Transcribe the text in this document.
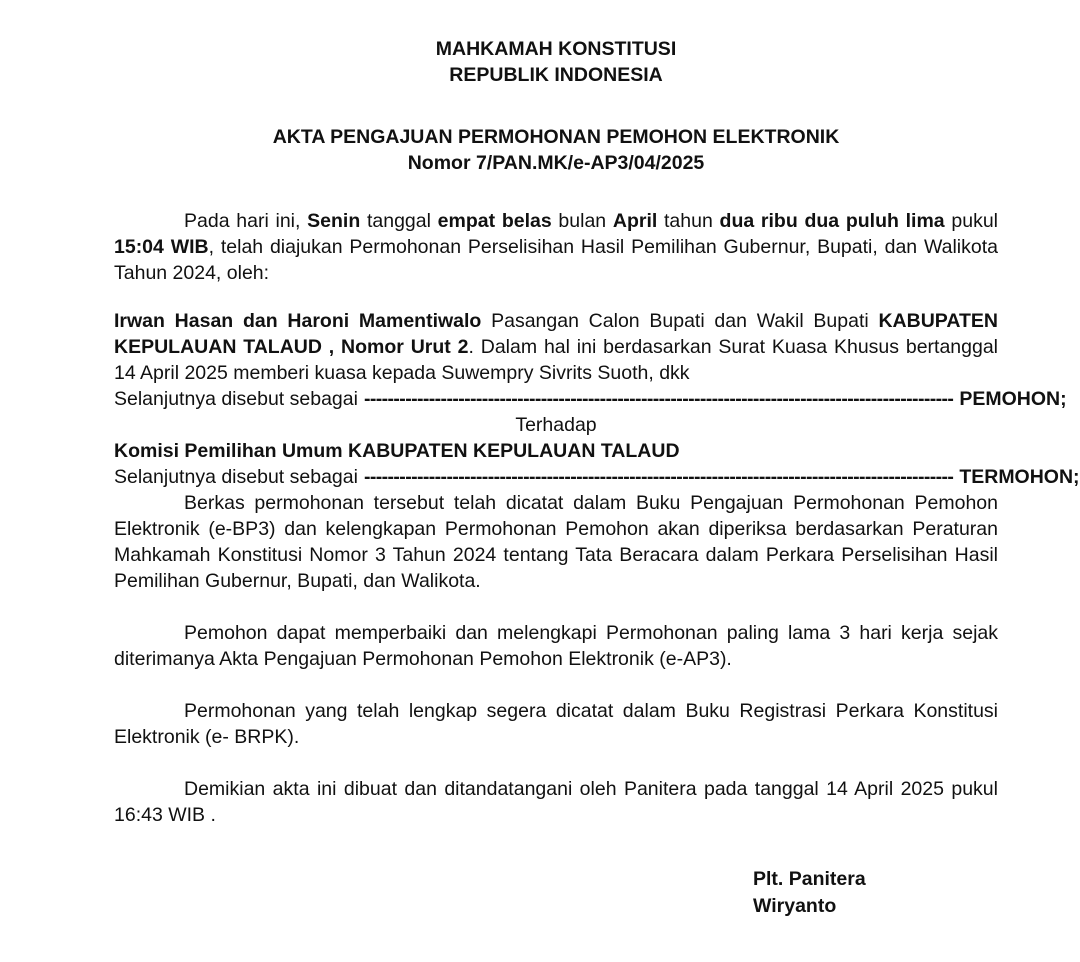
MAHKAMAH KONSTITUSI
REPUBLIK INDONESIA
AKTA PENGAJUAN PERMOHONAN PEMOHON ELEKTRONIK
Nomor 7/PAN.MK/e-AP3/04/2025
Pada hari ini, Senin tanggal empat belas bulan April tahun dua ribu dua puluh lima pukul 15:04 WIB, telah diajukan Permohonan Perselisihan Hasil Pemilihan Gubernur, Bupati, dan Walikota Tahun 2024, oleh:
Irwan Hasan dan Haroni Mamentiwalo Pasangan Calon Bupati dan Wakil Bupati KABUPATEN KEPULAUAN TALAUD , Nomor Urut 2. Dalam hal ini berdasarkan Surat Kuasa Khusus bertanggal 14 April 2025 memberi kuasa kepada Suwempry Sivrits Suoth, dkk
Selanjutnya disebut sebagai ---------------------------------------------------------------------------------------------------- PEMOHON;
Terhadap
Komisi Pemilihan Umum KABUPATEN KEPULAUAN TALAUD
Selanjutnya disebut sebagai ---------------------------------------------------------------------------------------------------- TERMOHON;
Berkas permohonan tersebut telah dicatat dalam Buku Pengajuan Permohonan Pemohon Elektronik (e-BP3) dan kelengkapan Permohonan Pemohon akan diperiksa berdasarkan Peraturan Mahkamah Konstitusi Nomor 3 Tahun 2024 tentang Tata Beracara dalam Perkara Perselisihan Hasil Pemilihan Gubernur, Bupati, dan Walikota.
Pemohon dapat memperbaiki dan melengkapi Permohonan paling lama 3 hari kerja sejak diterimanya Akta Pengajuan Permohonan Pemohon Elektronik (e-AP3).
Permohonan yang telah lengkap segera dicatat dalam Buku Registrasi Perkara Konstitusi Elektronik (e- BRPK).
Demikian akta ini dibuat dan ditandatangani oleh Panitera pada tanggal 14 April 2025 pukul 16:43 WIB .
Plt. Panitera
Wiryanto
